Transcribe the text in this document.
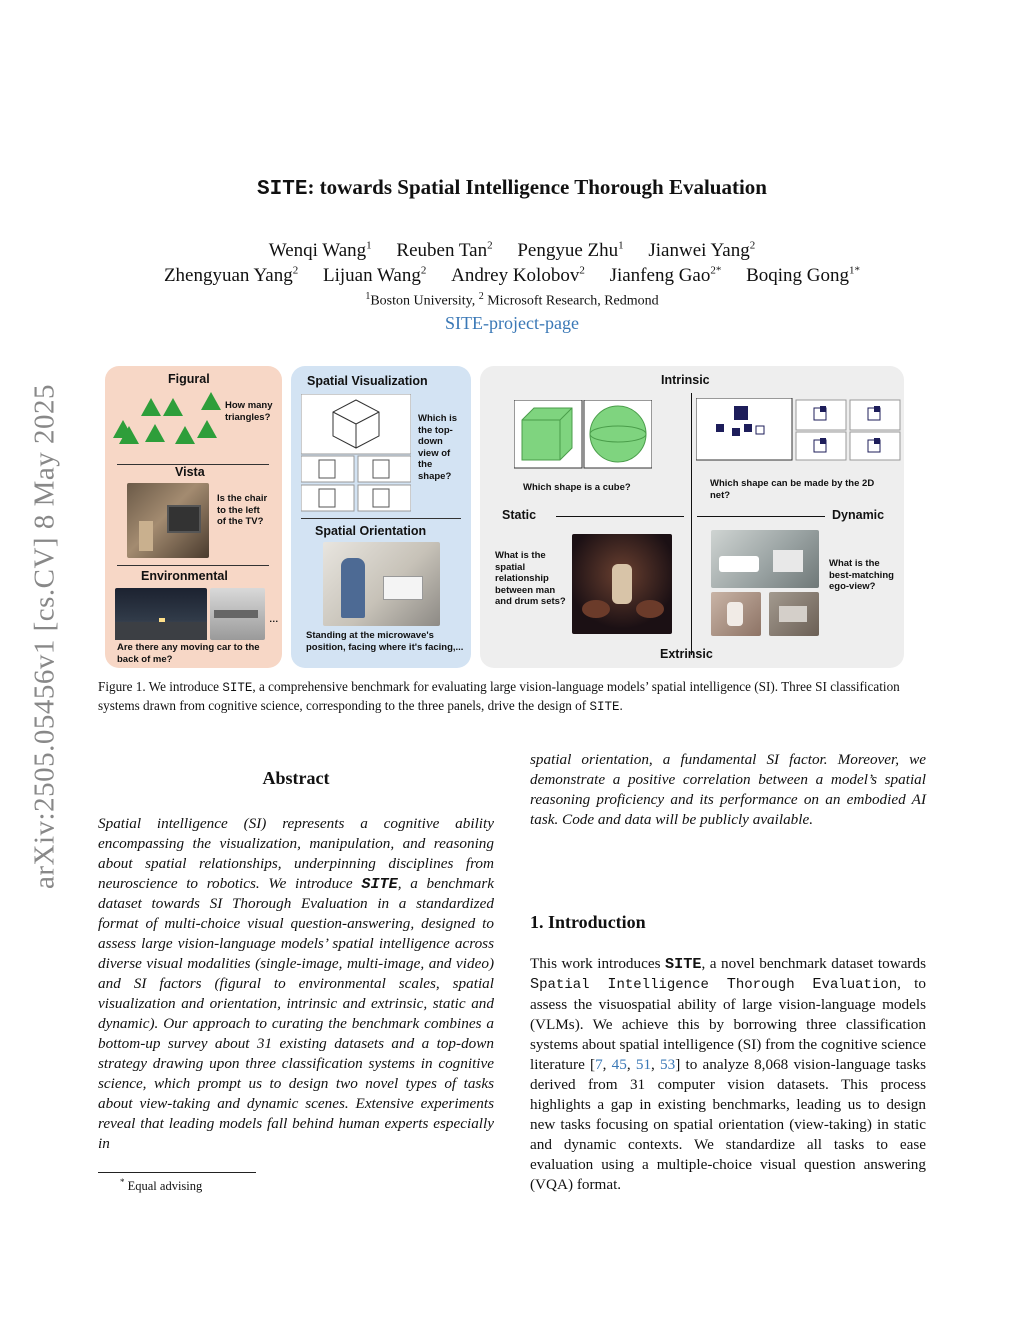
arXiv:2505.05456v1 [cs.CV] 8 May 2025
SITE: towards Spatial Intelligence Thorough Evaluation
Wenqi Wang$^1$ Reuben Tan$^2$ Pengyue Zhu$^1$ Jianwei Yang$^2$
Zhengyuan Yang$^2$ Lijuan Wang$^2$ Andrey Kolobov$^2$ Jianfeng Gao$^{2*}$ Boqing Gong$^{1*}$
$^1$Boston University, $^2$ Microsoft Research, Redmond
SITE-project-page
Figural
How many triangles?
Vista
Is the chair to the left of the TV?
Environmental
…
Are there any moving car to the back of me?
Spatial Visualization
Which is the top-down view of the shape?
Spatial Orientation
Standing at the microwave's position, facing where it's facing,...
Intrinsic
Static	Dynamic
Extrinsic
Which shape is a cube?	Which shape can be made by the 2D net?
What is the spatial relationship between man and drum sets?
What is the best-matching ego-view?
Figure 1. We introduce SITE, a comprehensive benchmark for evaluating large vision-language models’ spatial intelligence (SI). Three SI classification systems drawn from cognitive science, corresponding to the three panels, drive the design of SITE.
Abstract
Spatial intelligence (SI) represents a cognitive ability encompassing the visualization, manipulation, and reasoning about spatial relationships, underpinning disciplines from neuroscience to robotics. We introduce SITE, a benchmark dataset towards SI Thorough Evaluation in a standardized format of multi-choice visual question-answering, designed to assess large vision-language models’ spatial intelligence across diverse visual modalities (single-image, multi-image, and video) and SI factors (figural to environmental scales, spatial visualization and orientation, intrinsic and extrinsic, static and dynamic). Our approach to curating the benchmark combines a bottom-up survey about 31 existing datasets and a top-down strategy drawing upon three classification systems in cognitive science, which prompt us to design two novel types of tasks about view-taking and dynamic scenes. Extensive experiments reveal that leading models fall behind human experts especially in
spatial orientation, a fundamental SI factor. Moreover, we demonstrate a positive correlation between a model’s spatial reasoning proficiency and its performance on an embodied AI task. Code and data will be publicly available.
1. Introduction
This work introduces SITE, a novel benchmark dataset towards Spatial Intelligence Thorough Evaluation, to assess the visuospatial ability of large vision-language models (VLMs). We achieve this by borrowing three classification systems about spatial intelligence (SI) from the cognitive science literature [7, 45, 51, 53] to analyze 8,068 vision-language tasks derived from 31 computer vision datasets. This process highlights a gap in existing benchmarks, leading us to design new tasks focusing on spatial orientation (view-taking) in static and dynamic contexts. We standardize all tasks to ease evaluation using a multiple-choice visual question answering (VQA) format.
* Equal advising
